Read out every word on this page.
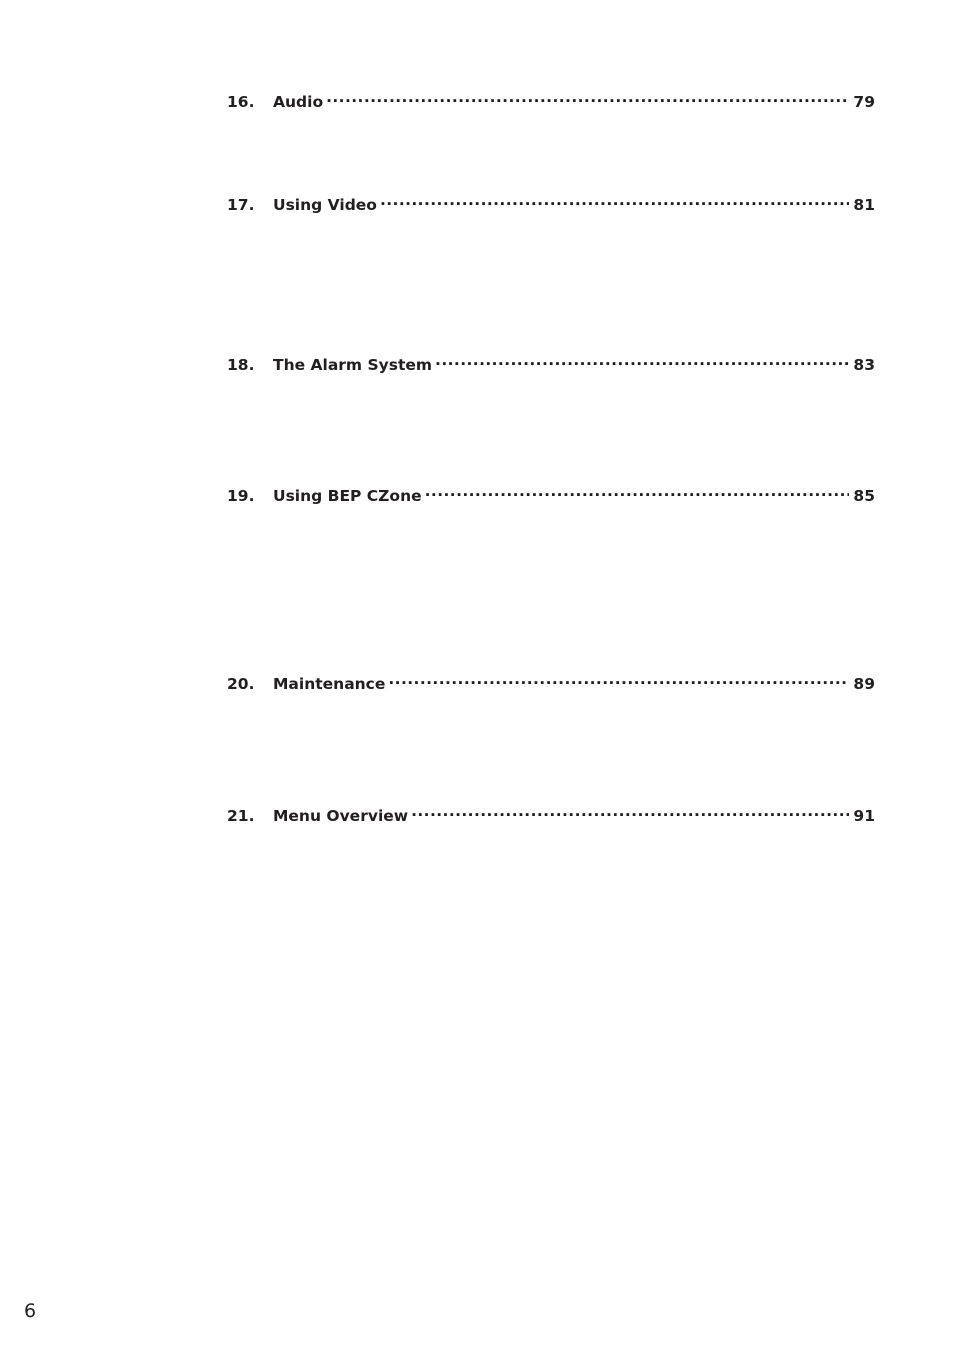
16.	Audio .....	79
17.	Using Video .....	81
18.	The Alarm System .....	83
19.	Using BEP CZone .....	85
20.	Maintenance .....	89
21.	Menu Overview .....	91
6
